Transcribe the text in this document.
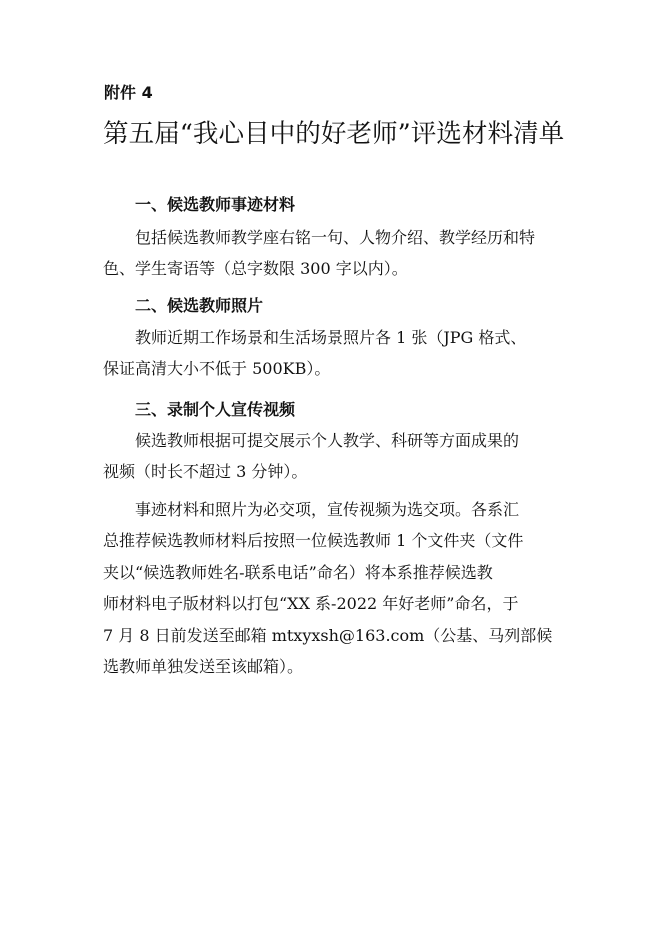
附件 4
第五届“我心目中的好老师”评选材料清单
一、候选教师事迹材料
包括候选教师教学座右铭一句、人物介绍、教学经历和特
色、学生寄语等（总字数限 300 字以内）。
二、候选教师照片
教师近期工作场景和生活场景照片各 1 张（JPG 格式、
保证高清大小不低于 500KB）。
三、录制个人宣传视频
候选教师根据可提交展示个人教学、科研等方面成果的
视频（时长不超过 3 分钟）。
事迹材料和照片为必交项，宣传视频为选交项。各系汇
总推荐候选教师材料后按照一位候选教师 1 个文件夹（文件
夹以“候选教师姓名-联系电话”命名）将本系推荐候选教
师材料电子版材料以打包“XX 系-2022 年好老师”命名，于
7 月 8 日前发送至邮箱 mtxyxsh@163.com（公基、马列部候
选教师单独发送至该邮箱）。
